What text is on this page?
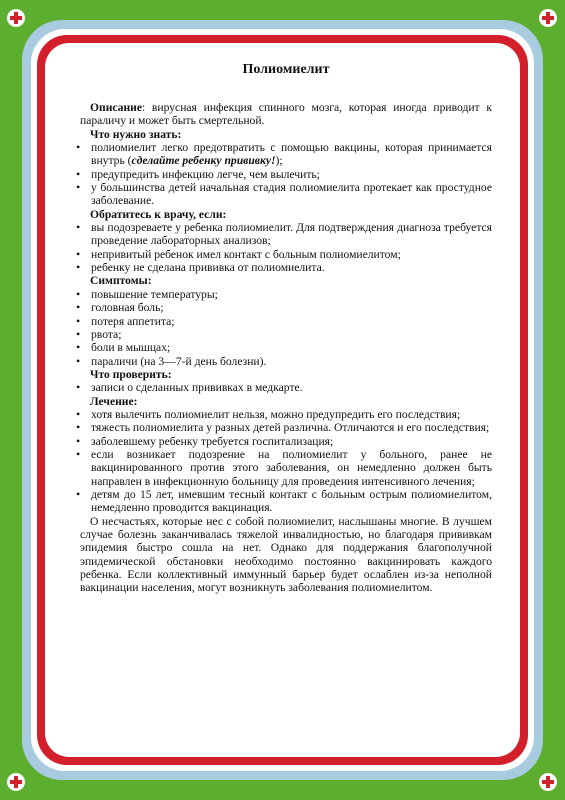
Полиомиелит

Описание: вирусная инфекция спинного мозга, которая иногда приводит к параличу и может быть смертельной.

Что нужно знать:

• полиомиелит легко предотвратить с помощью вакцины, которая принимается внутрь (сделайте ребенку прививку!);
• предупредить инфекцию легче, чем вылечить;
• у большинства детей начальная стадия полиомиелита протекает как простудное заболевание.

Обратитесь к врачу, если:

• вы подозреваете у ребенка полиомиелит. Для подтверждения диагноза требуется проведение лабораторных анализов;
• непривитый ребенок имел контакт с больным полиомиелитом;
• ребенку не сделана прививка от полиомиелита.

Симптомы:

• повышение температуры;
• головная боль;
• потеря аппетита;
• рвота;
• боли в мышцах;
• параличи (на 3—7-й день болезни).

Что проверить:

• записи о сделанных прививках в медкарте.

Лечение:

• хотя вылечить полиомиелит нельзя, можно предупредить его последствия;
• тяжесть полиомиелита у разных детей различна. Отличаются и его последствия;
• заболевшему ребенку требуется госпитализация;
• если возникает подозрение на полиомиелит у больного, ранее не вакцинированного против этого заболевания, он немедленно должен быть направлен в инфекционную больницу для проведения интенсивного лечения;
• детям до 15 лет, имевшим тесный контакт с больным острым полиомиелитом, немедленно проводится вакцинация.

О несчастьях, которые нес с собой полиомиелит, наслышаны многие. В лучшем случае болезнь заканчивалась тяжелой инвалидностью, но благодаря прививкам эпидемия быстро сошла на нет. Однако для поддержания благополучной эпидемической обстановки необходимо постоянно вакцинировать каждого ребенка. Если коллективный иммунный барьер будет ослаблен из-за неполной вакцинации населения, могут возникнуть заболевания полиомиелитом.
